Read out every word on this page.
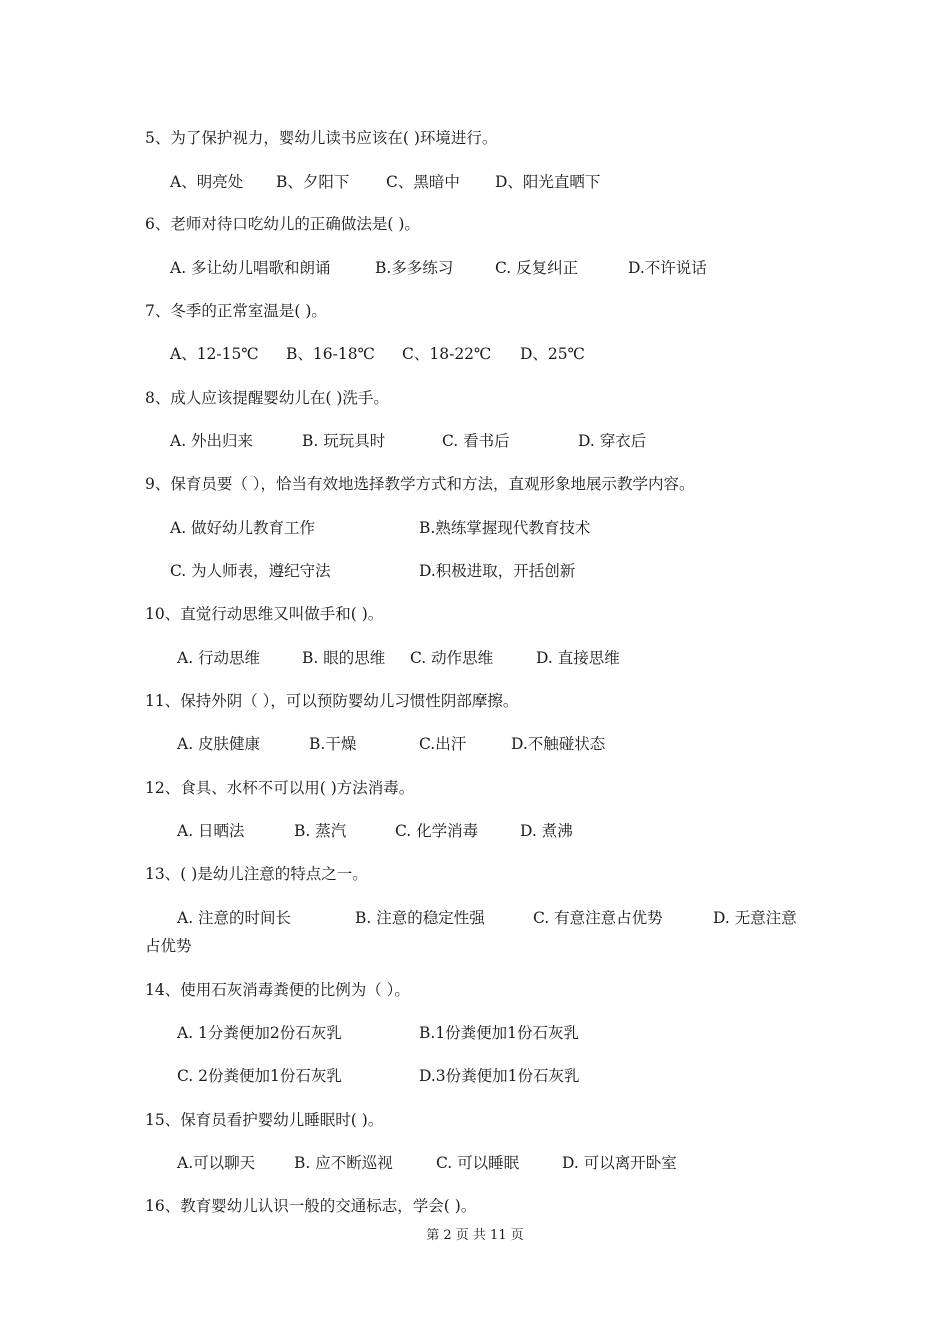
5、为了保护视力，婴幼儿读书应该在( )环境进行。
A、明亮处 B、夕阳下 C、黑暗中 D、阳光直晒下
6、老师对待口吃幼儿的正确做法是( )。
A. 多让幼儿唱歌和朗诵	B.多多练习	C. 反复纠正	D.不许说话
7、冬季的正常室温是( )。
A、12-15℃ B、16-18℃ C、18-22℃ D、25℃
8、成人应该提醒婴幼儿在( )洗手。
A. 外出归来	B. 玩玩具时	C. 看书后	D. 穿衣后
9、保育员要（ ），恰当有效地选择教学方式和方法，直观形象地展示教学内容。
A. 做好幼儿教育工作	B.熟练掌握现代教育技术
C. 为人师表，遵纪守法	D.积极进取，开括创新
10、直觉行动思维又叫做手和( )。
A. 行动思维	B. 眼的思维 C. 动作思维	D. 直接思维
11、保持外阴（ ），可以预防婴幼儿习惯性阴部摩擦。
A. 皮肤健康	B.干燥	C.出汗	D.不触碰状态
12、食具、水杯不可以用( )方法消毒。
A. 日晒法	B. 蒸汽	C. 化学消毒	D. 煮沸
13、( )是幼儿注意的特点之一。
A. 注意的时间长	B. 注意的稳定性强	C. 有意注意占优势	D. 无意注意
占优势
14、使用石灰消毒粪便的比例为（ ）。
A. 1分粪便加2份石灰乳	B.1份粪便加1份石灰乳
C. 2份粪便加1份石灰乳	D.3份粪便加1份石灰乳
15、保育员看护婴幼儿睡眠时( )。
A.可以聊天	B. 应不断巡视	C. 可以睡眠	D. 可以离开卧室
16、教育婴幼儿认识一般的交通标志，学会( )。
第 2 页 共 11 页
